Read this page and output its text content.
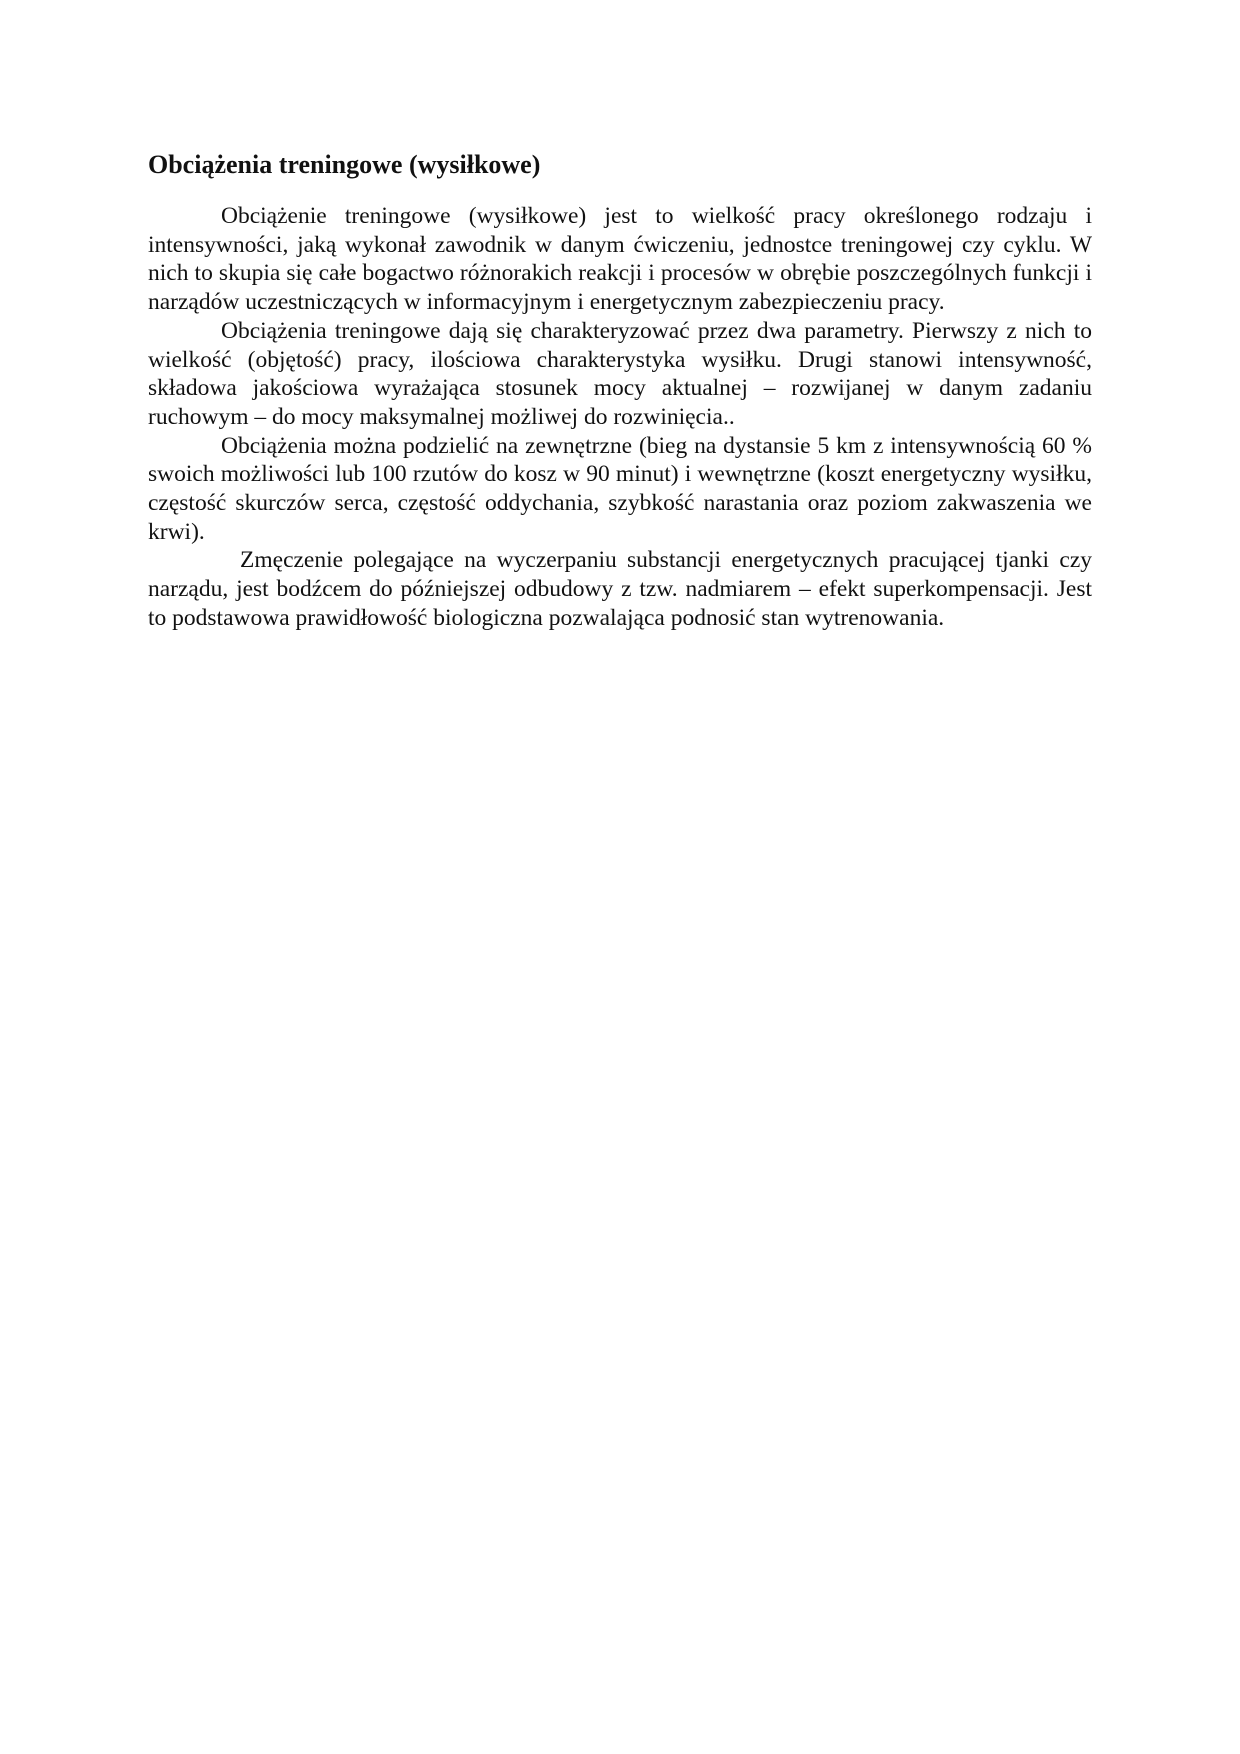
Obciążenia treningowe (wysiłkowe)

Obciążenie treningowe (wysiłkowe) jest to wielkość pracy określonego rodzaju i intensywności, jaką wykonał zawodnik w danym ćwiczeniu, jednostce treningowej czy cyklu. W nich to skupia się całe bogactwo różnorakich reakcji i procesów w obrębie poszczególnych funkcji i narządów uczestniczących w informacyjnym i energetycznym zabezpieczeniu pracy.

Obciążenia treningowe dają się charakteryzować przez dwa parametry. Pierwszy z nich to wielkość (objętość) pracy, ilościowa charakterystyka wysiłku. Drugi stanowi intensywność, składowa jakościowa wyrażająca stosunek mocy aktualnej – rozwijanej w danym zadaniu ruchowym – do mocy maksymalnej możliwej do rozwinięcia..

Obciążenia można podzielić na zewnętrzne (bieg na dystansie 5 km z intensywnością 60 % swoich możliwości lub 100 rzutów do kosz w 90 minut) i wewnętrzne (koszt energetyczny wysiłku, częstość skurczów serca, częstość oddychania, szybkość narastania oraz poziom zakwaszenia we krwi).

Zmęczenie polegające na wyczerpaniu substancji energetycznych pracującej tjanki czy narządu, jest bodźcem do późniejszej odbudowy z tzw. nadmiarem – efekt superkompensacji. Jest to podstawowa prawidłowość biologiczna pozwalająca podnosić stan wytrenowania.
